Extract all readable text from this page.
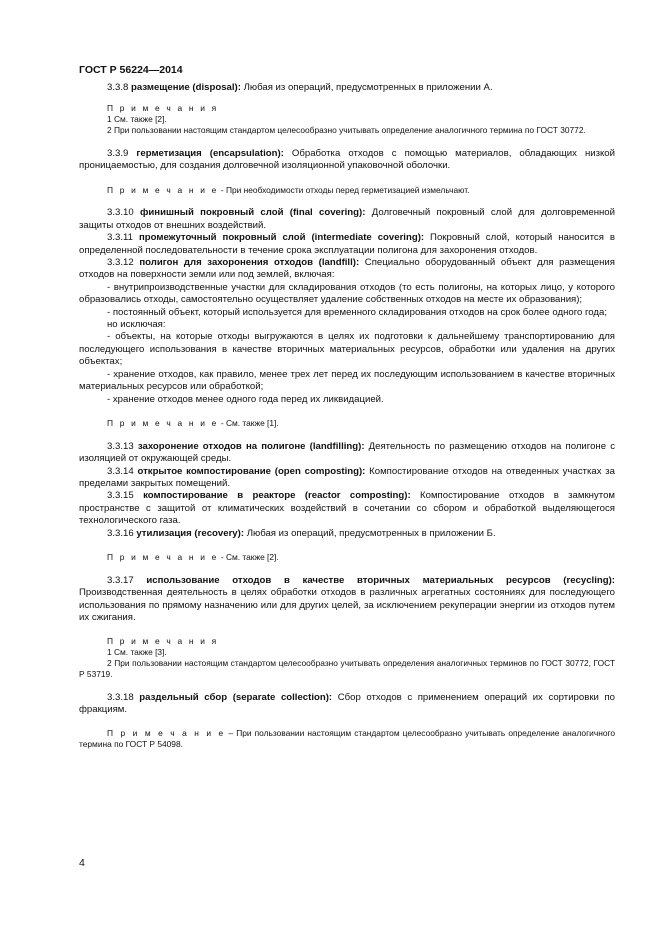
ГОСТ Р 56224—2014

3.3.8 размещение (disposal): Любая из операций, предусмотренных в приложении А.

П р и м е ч а н и я

1 См. также [2].

2 При пользовании настоящим стандартом целесообразно учитывать определение аналогичного термина по ГОСТ 30772.

3.3.9 герметизация (encapsulation): Обработка отходов с помощью материалов, обладающих низкой проницаемостью, для создания долговечной изоляционной упаковочной оболочки.

П р и м е ч а н и е - При необходимости отходы перед герметизацией измельчают.

3.3.10 финишный покровный слой (final covering): Долговечный покровный слой для долговременной защиты отходов от внешних воздействий.

3.3.11 промежуточный покровный слой (intermediate covering): Покровный слой, который наносится в определенной последовательности в течение срока эксплуатации полигона для захоронения отходов.

3.3.12 полигон для захоронения отходов (landfill): Специально оборудованный объект для размещения отходов на поверхности земли или под землей, включая:

- внутрипроизводственные участки для складирования отходов (то есть полигоны, на которых лицо, у которого образовались отходы, самостоятельно осуществляет удаление собственных отходов на месте их образования);

- постоянный объект, который используется для временного складирования отходов на срок более одного года;

но исключая:

- объекты, на которые отходы выгружаются в целях их подготовки к дальнейшему транспортированию для последующего использования в качестве вторичных материальных ресурсов, обработки или удаления на других объектах;

- хранение отходов, как правило, менее трех лет перед их последующим использованием в качестве вторичных материальных ресурсов или обработкой;

- хранение отходов менее одного года перед их ликвидацией.

П р и м е ч а н и е - См. также [1].

3.3.13 захоронение отходов на полигоне (landfilling): Деятельность по размещению отходов на полигоне с изоляцией от окружающей среды.

3.3.14 открытое компостирование (open composting): Компостирование отходов на отведенных участках за пределами закрытых помещений.

3.3.15 компостирование в реакторе (reactor composting): Компостирование отходов в замкнутом пространстве с защитой от климатических воздействий в сочетании со сбором и обработкой выделяющегося технологического газа.

3.3.16 утилизация (recovery): Любая из операций, предусмотренных в приложении Б.

П р и м е ч а н и е - См. также [2].

3.3.17 использование отходов в качестве вторичных материальных ресурсов (recycling): Производственная деятельность в целях обработки отходов в различных агрегатных состояниях для последующего использования по прямому назначению или для других целей, за исключением рекуперации энергии из отходов путем их сжигания.

П р и м е ч а н и я

1 См. также [3].

2 При пользовании настоящим стандартом целесообразно учитывать определения аналогичных терминов по ГОСТ 30772, ГОСТ Р 53719.

3.3.18 раздельный сбор (separate collection): Сбор отходов с применением операций их сортировки по фракциям.

П р и м е ч а н и е – При пользовании настоящим стандартом целесообразно учитывать определение аналогичного термина по ГОСТ Р 54098.

4
